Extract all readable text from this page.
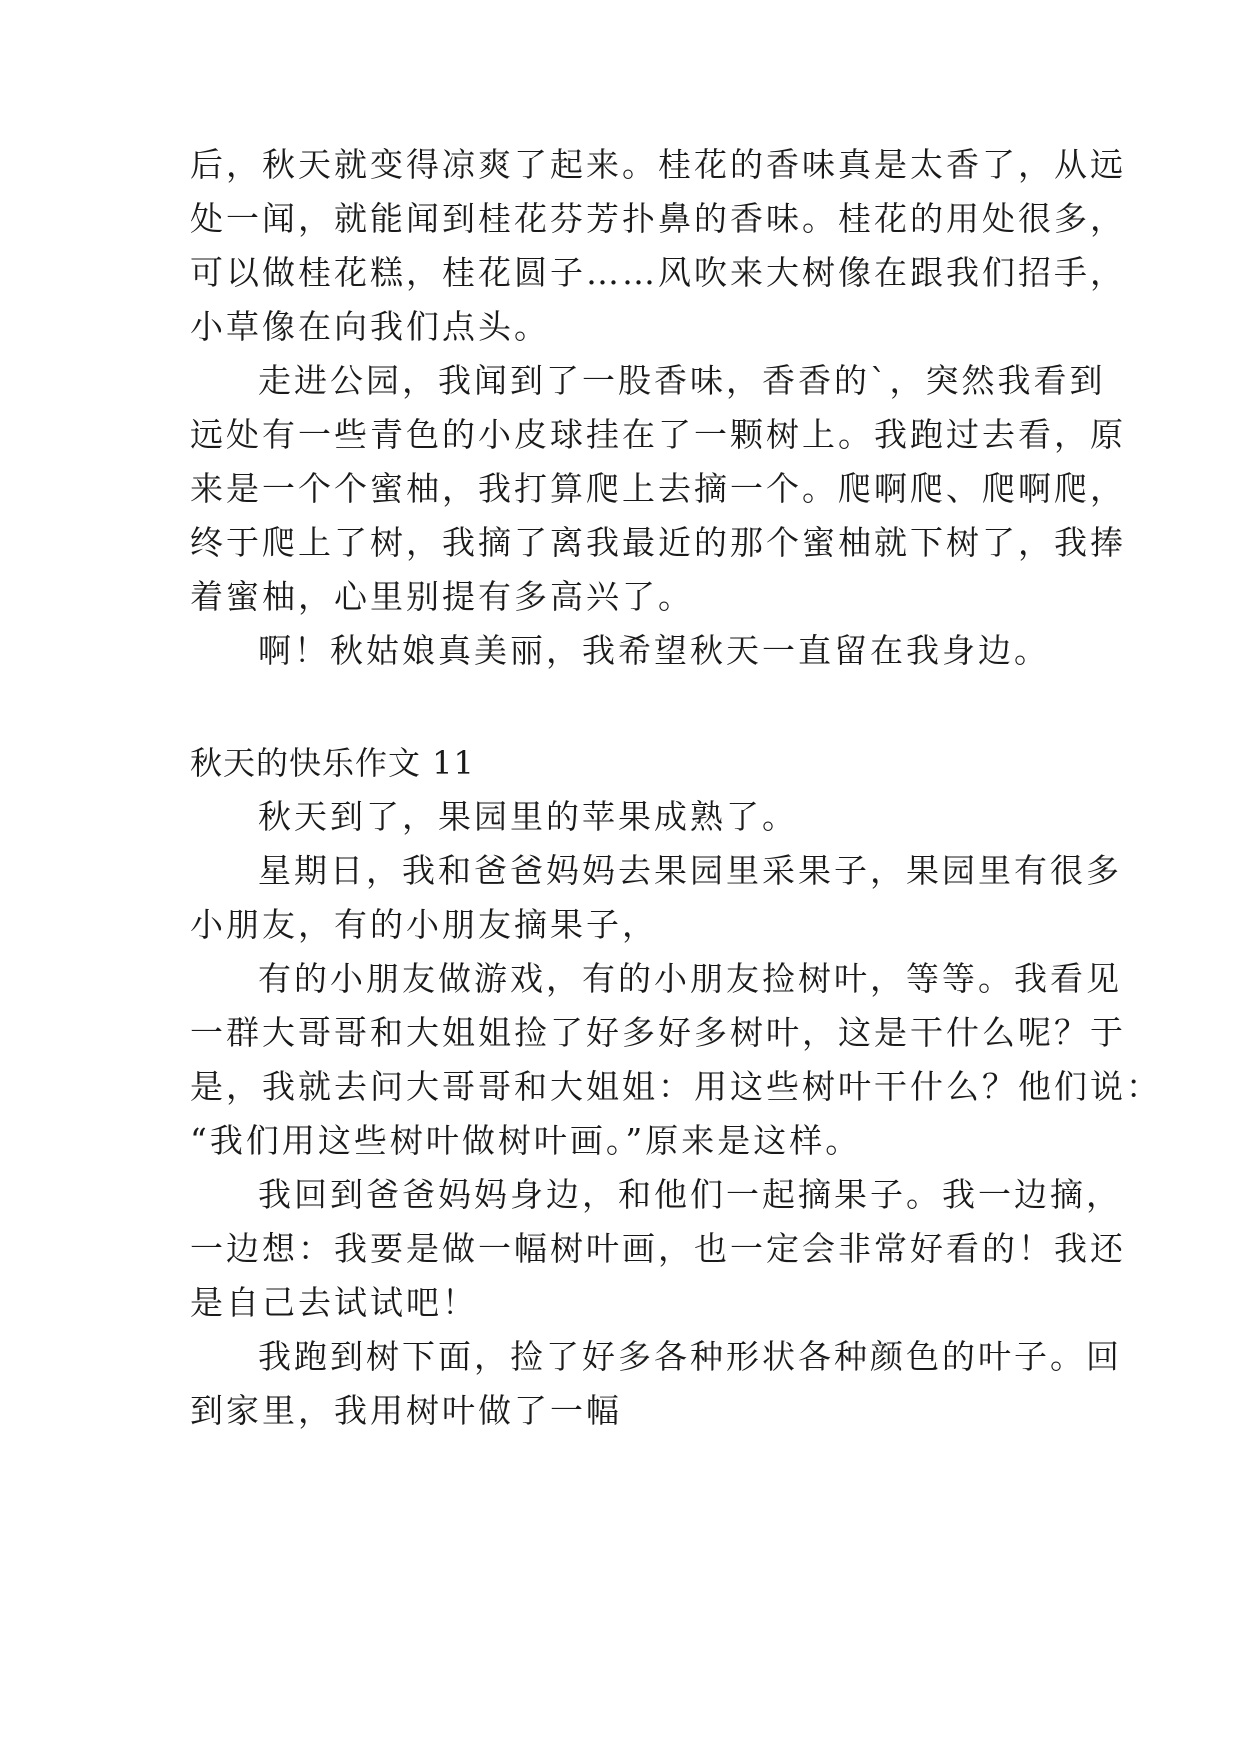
后，秋天就变得凉爽了起来。桂花的香味真是太香了，从远
处一闻，就能闻到桂花芬芳扑鼻的香味。桂花的用处很多，
可以做桂花糕，桂花圆子……风吹来大树像在跟我们招手，
小草像在向我们点头。
走进公园，我闻到了一股香味，香香的`，突然我看到
远处有一些青色的小皮球挂在了一颗树上。我跑过去看，原
来是一个个蜜柚，我打算爬上去摘一个。爬啊爬、爬啊爬，
终于爬上了树，我摘了离我最近的那个蜜柚就下树了，我捧
着蜜柚，心里别提有多高兴了。
啊！秋姑娘真美丽，我希望秋天一直留在我身边。
秋天的快乐作文 11
秋天到了，果园里的苹果成熟了。
星期日，我和爸爸妈妈去果园里采果子，果园里有很多
小朋友，有的小朋友摘果子，
有的小朋友做游戏，有的小朋友捡树叶，等等。我看见
一群大哥哥和大姐姐捡了好多好多树叶，这是干什么呢？于
是，我就去问大哥哥和大姐姐：用这些树叶干什么？他们说：
“我们用这些树叶做树叶画。”原来是这样。
我回到爸爸妈妈身边，和他们一起摘果子。我一边摘，
一边想：我要是做一幅树叶画，也一定会非常好看的！我还
是自己去试试吧！
我跑到树下面，捡了好多各种形状各种颜色的叶子。回
到家里，我用树叶做了一幅
